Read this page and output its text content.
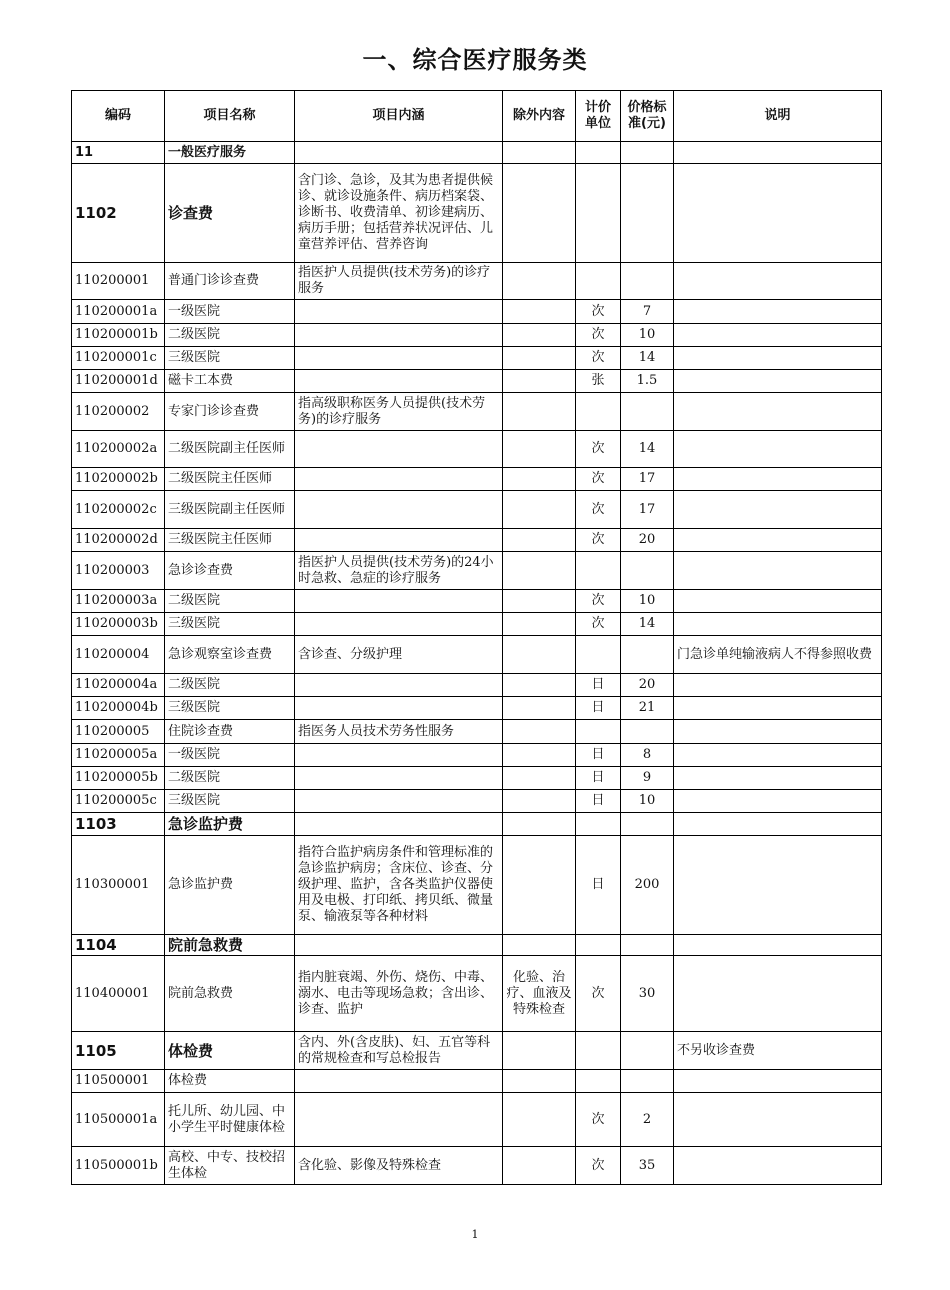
一、综合医疗服务类
编码	项目名称	项目内涵	除外内容	计价单位	价格标准(元)	说明
11	一般医疗服务					
1102	诊查费	含门诊、急诊，及其为患者提供候诊、就诊设施条件、病历档案袋、诊断书、收费清单、初诊建病历、病历手册；包括营养状况评估、儿童营养评估、营养咨询				
110200001	普通门诊诊查费	指医护人员提供(技术劳务)的诊疗服务				
110200001a	一级医院			次	7	
110200001b	二级医院			次	10	
110200001c	三级医院			次	14	
110200001d	磁卡工本费			张	1.5	
110200002	专家门诊诊查费	指高级职称医务人员提供(技术劳务)的诊疗服务				
110200002a	二级医院副主任医师			次	14	
110200002b	二级医院主任医师			次	17	
110200002c	三级医院副主任医师			次	17	
110200002d	三级医院主任医师			次	20	
110200003	急诊诊查费	指医护人员提供(技术劳务)的24小时急救、急症的诊疗服务				
110200003a	二级医院			次	10	
110200003b	三级医院			次	14	
110200004	急诊观察室诊查费	含诊查、分级护理				门急诊单纯输液病人不得参照收费
110200004a	二级医院			日	20	
110200004b	三级医院			日	21	
110200005	住院诊查费	指医务人员技术劳务性服务				
110200005a	一级医院			日	8	
110200005b	二级医院			日	9	
110200005c	三级医院			日	10	
1103	急诊监护费					
110300001	急诊监护费	指符合监护病房条件和管理标准的急诊监护病房；含床位、诊查、分级护理、监护，含各类监护仪器使用及电极、打印纸、拷贝纸、微量泵、输液泵等各种材料		日	200	
1104	院前急救费					
110400001	院前急救费	指内脏衰竭、外伤、烧伤、中毒、溺水、电击等现场急救；含出诊、诊查、监护	化验、治疗、血液及特殊检查	次	30	
1105	体检费	含内、外(含皮肤)、妇、五官等科的常规检查和写总检报告				不另收诊查费
110500001	体检费					
110500001a	托儿所、幼儿园、中小学生平时健康体检			次	2	
110500001b	高校、中专、技校招生体检	含化验、影像及特殊检查		次	35	
1
